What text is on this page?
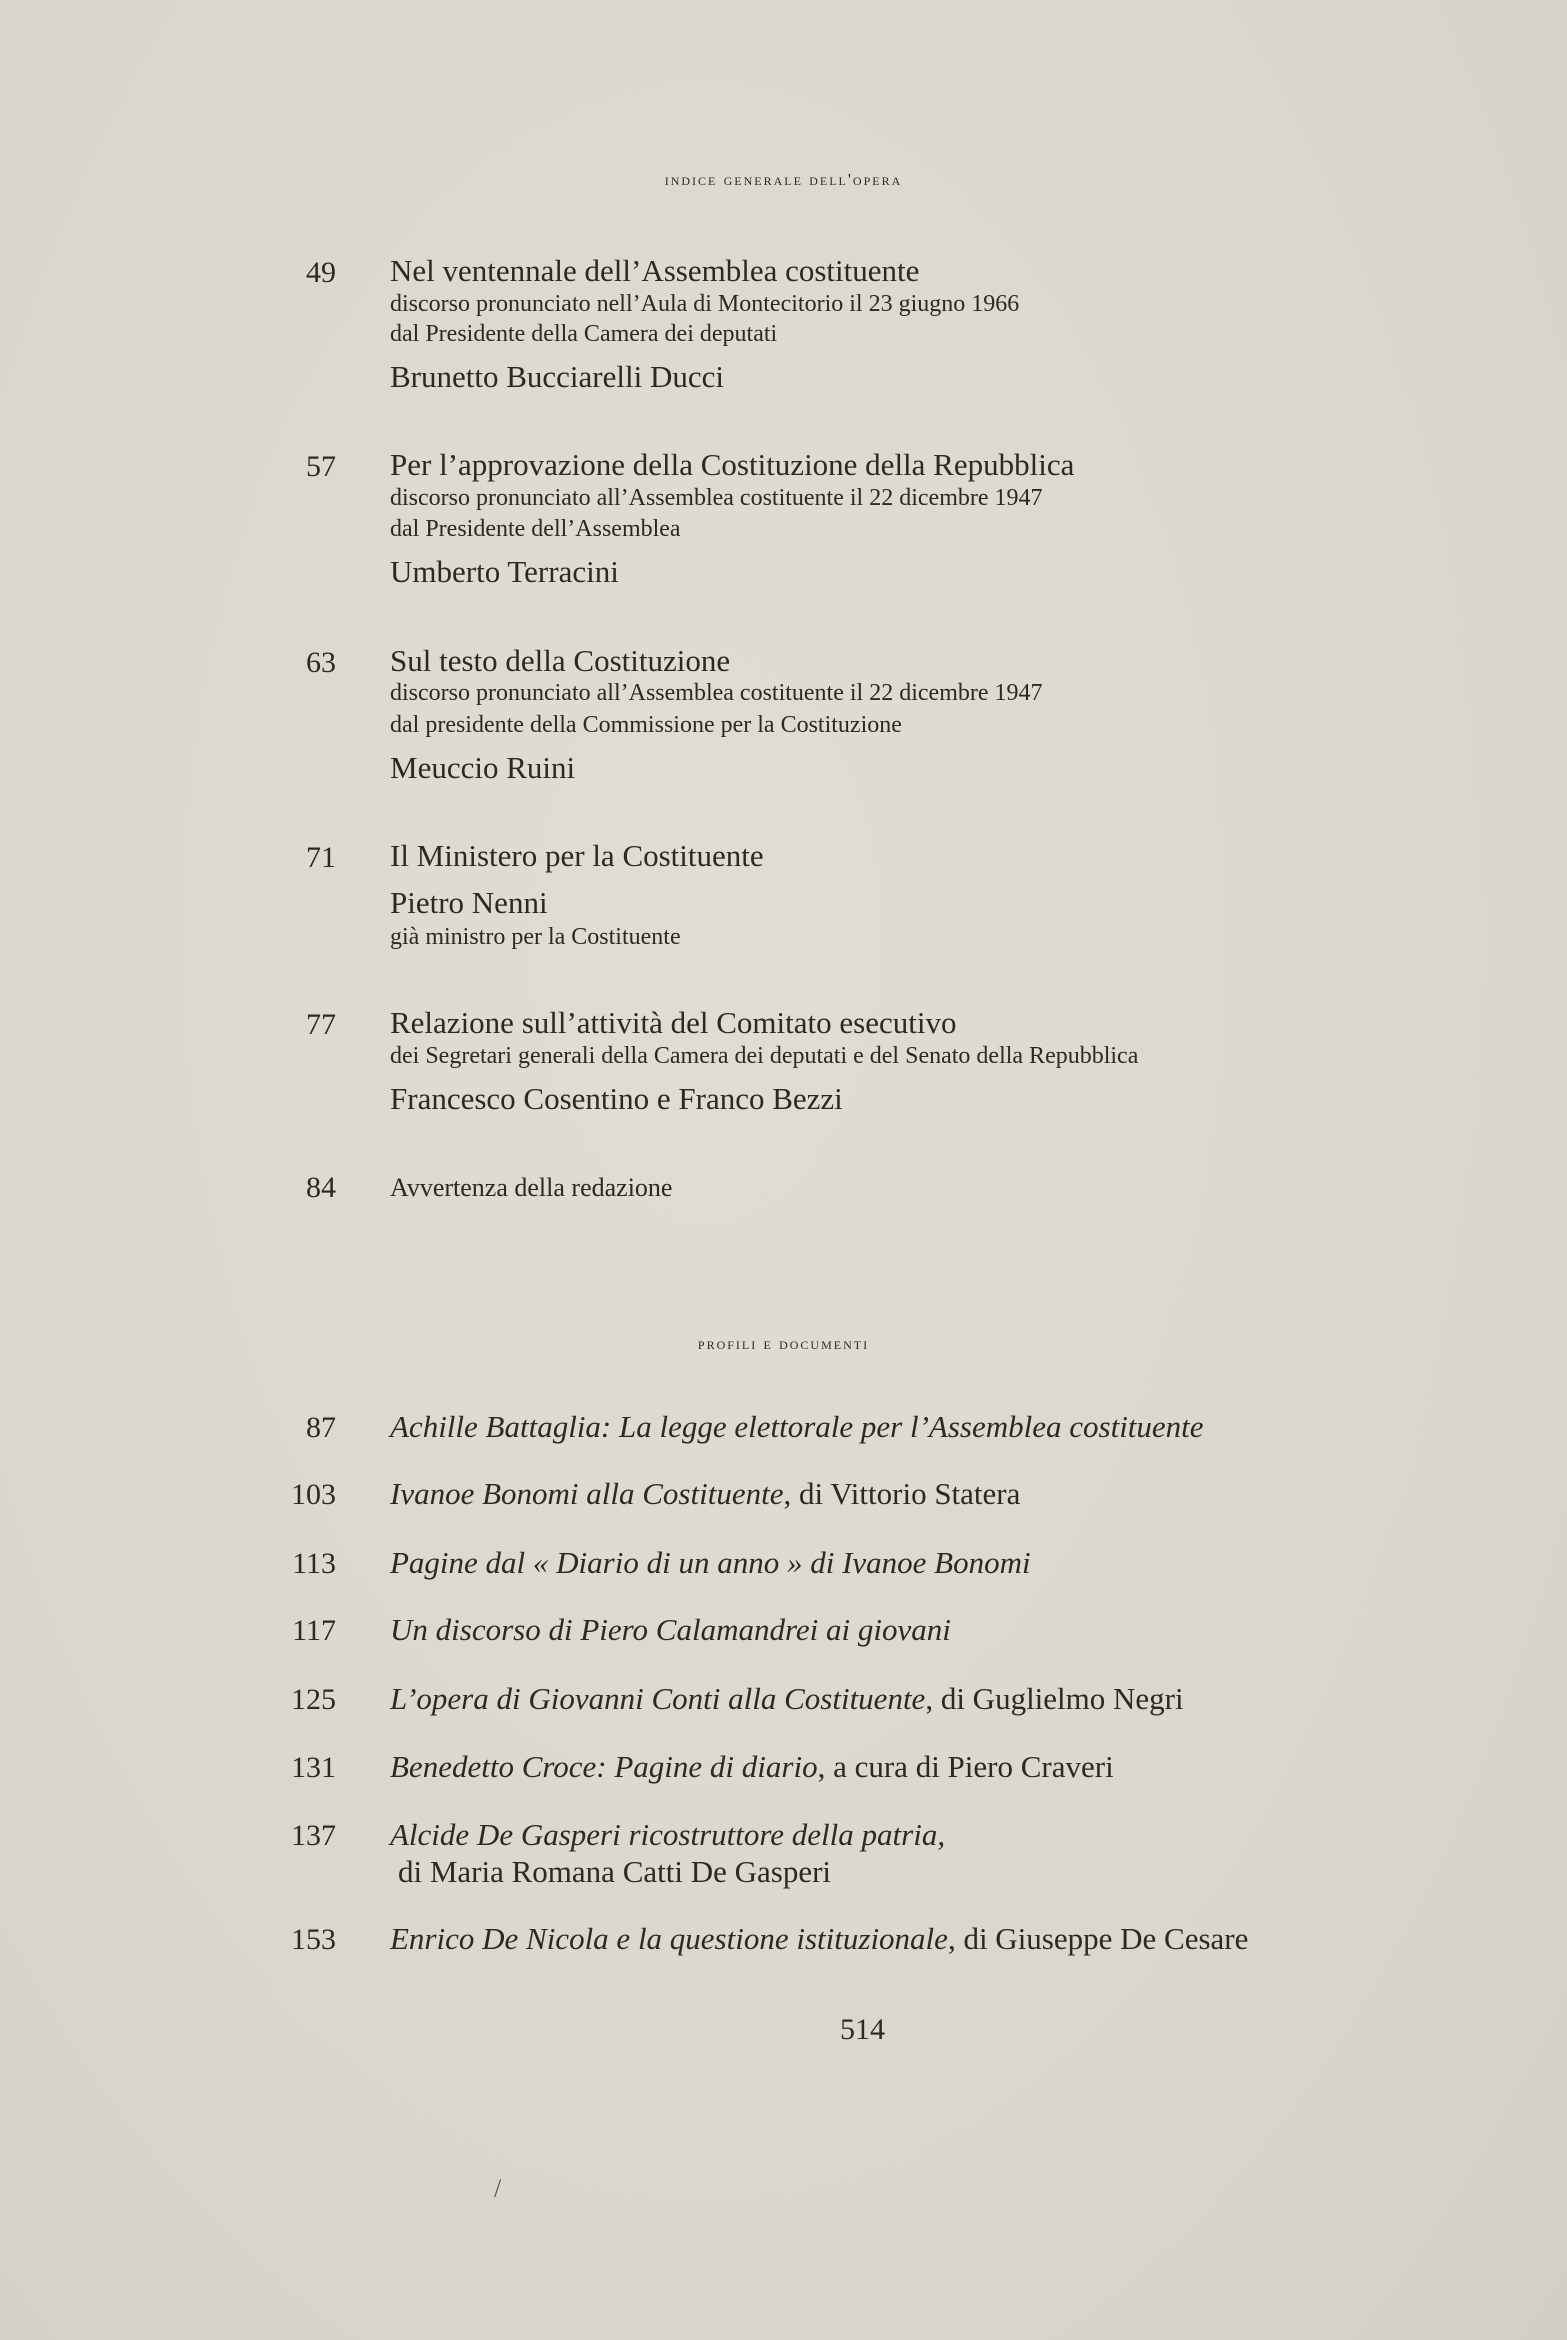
indice generale dell'opera
49 Nel ventennale dell’Assemblea costituente
discorso pronunciato nell’Aula di Montecitorio il 23 giugno 1966
dal Presidente della Camera dei deputati
Brunetto Bucciarelli Ducci
57 Per l’approvazione della Costituzione della Repubblica
discorso pronunciato all’Assemblea costituente il 22 dicembre 1947
dal Presidente dell’Assemblea
Umberto Terracini
63 Sul testo della Costituzione
discorso pronunciato all’Assemblea costituente il 22 dicembre 1947
dal presidente della Commissione per la Costituzione
Meuccio Ruini
71 Il Ministero per la Costituente
Pietro Nenni
già ministro per la Costituente
77 Relazione sull’attività del Comitato esecutivo
dei Segretari generali della Camera dei deputati e del Senato della Repubblica
Francesco Cosentino e Franco Bezzi
84 Avvertenza della redazione
profili e documenti
87 Achille Battaglia: La legge elettorale per l’Assemblea costituente
103 Ivanoe Bonomi alla Costituente, di Vittorio Statera
113 Pagine dal « Diario di un anno » di Ivanoe Bonomi
117 Un discorso di Piero Calamandrei ai giovani
125 L’opera di Giovanni Conti alla Costituente, di Guglielmo Negri
131 Benedetto Croce: Pagine di diario, a cura di Piero Craveri
137 Alcide De Gasperi ricostruttore della patria,
di Maria Romana Catti De Gasperi
153 Enrico De Nicola e la questione istituzionale, di Giuseppe De Cesare
514
/
